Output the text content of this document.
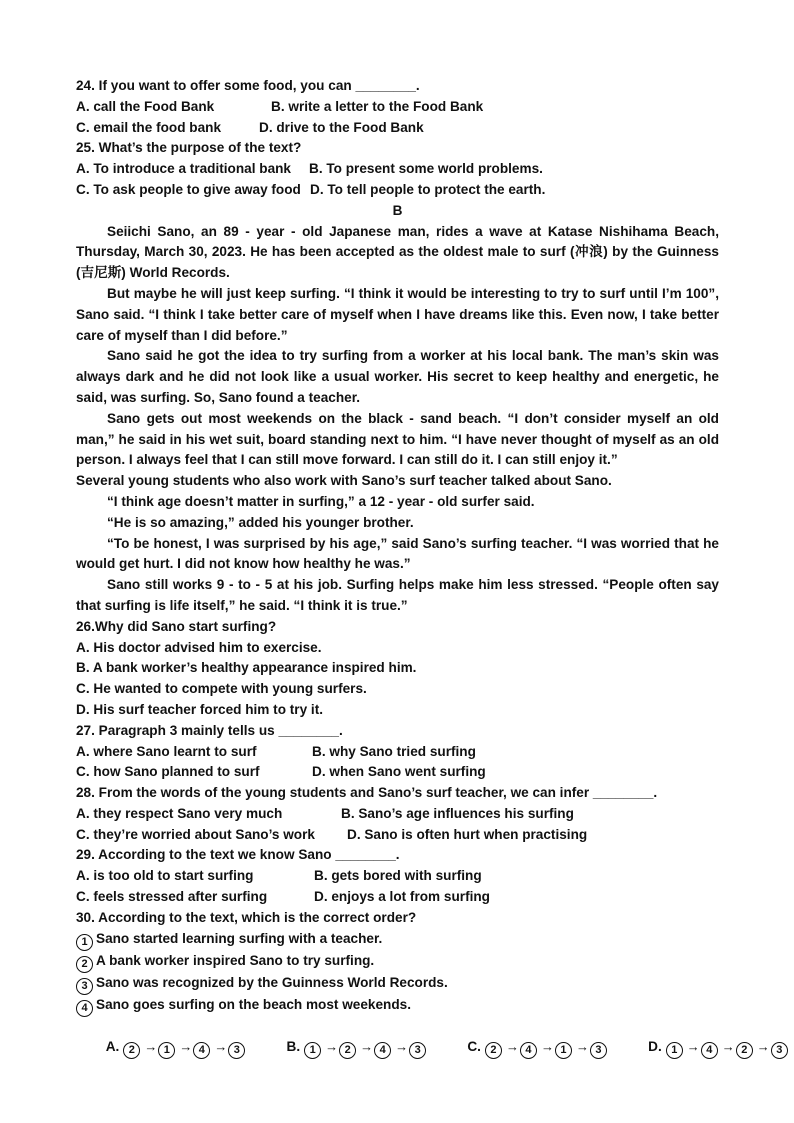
24. If you want to offer some food, you can ________.
A. call the Food Bank	B. write a letter to the Food Bank
C. email the food bank	D. drive to the Food Bank
25. What’s the purpose of the text?
A. To introduce a traditional bank	B. To present some world problems.
C. To ask people to give away food D. To tell people to protect the earth.
B
Seiichi Sano, an 89 - year - old Japanese man, rides a wave at Katase Nishihama Beach, Thursday, March 30, 2023. He has been accepted as the oldest male to surf (冲浪) by the Guinness (吉尼斯) World Records.
But maybe he will just keep surfing. “I think it would be interesting to try to surf until I’m 100”, Sano said. “I think I take better care of myself when I have dreams like this. Even now, I take better care of myself than I did before.”
Sano said he got the idea to try surfing from a worker at his local bank. The man’s skin was always dark and he did not look like a usual worker. His secret to keep healthy and energetic, he said, was surfing. So, Sano found a teacher.
Sano gets out most weekends on the black - sand beach. “I don’t consider myself an old man,” he said in his wet suit, board standing next to him. “I have never thought of myself as an old person. I always feel that I can still move forward. I can still do it. I can still enjoy it.”
Several young students who also work with Sano’s surf teacher talked about Sano.
“I think age doesn’t matter in surfing,” a 12 - year - old surfer said.
“He is so amazing,” added his younger brother.
“To be honest, I was surprised by his age,” said Sano’s surfing teacher. “I was worried that he would get hurt. I did not know how healthy he was.”
Sano still works 9 - to - 5 at his job. Surfing helps make him less stressed. “People often say that surfing is life itself,” he said. “I think it is true.”
26.Why did Sano start surfing?
A. His doctor advised him to exercise.
B. A bank worker’s healthy appearance inspired him.
C. He wanted to compete with young surfers.
D. His surf teacher forced him to try it.
27. Paragraph 3 mainly tells us ________.
A. where Sano learnt to surf	B. why Sano tried surfing
C. how Sano planned to surf	D. when Sano went surfing
28. From the words of the young students and Sano’s surf teacher, we can infer ________.
A. they respect Sano very much	B. Sano’s age influences his surfing
C. they’re worried about Sano’s work	D. Sano is often hurt when practising
29. According to the text we know Sano ________.
A. is too old to start surfing	B. gets bored with surfing
C. feels stressed after surfing	D. enjoys a lot from surfing
30. According to the text, which is the correct order?
1 Sano started learning surfing with a teacher.
2 A bank worker inspired Sano to try surfing.
3 Sano was recognized by the Guinness World Records.
4 Sano goes surfing on the beach most weekends.

A. 2 → 1 → 4 → 3
	B. 1 → 2 → 4 → 3
	C. 2 → 4 → 1 → 3
	D. 1 → 4 → 2 → 3
